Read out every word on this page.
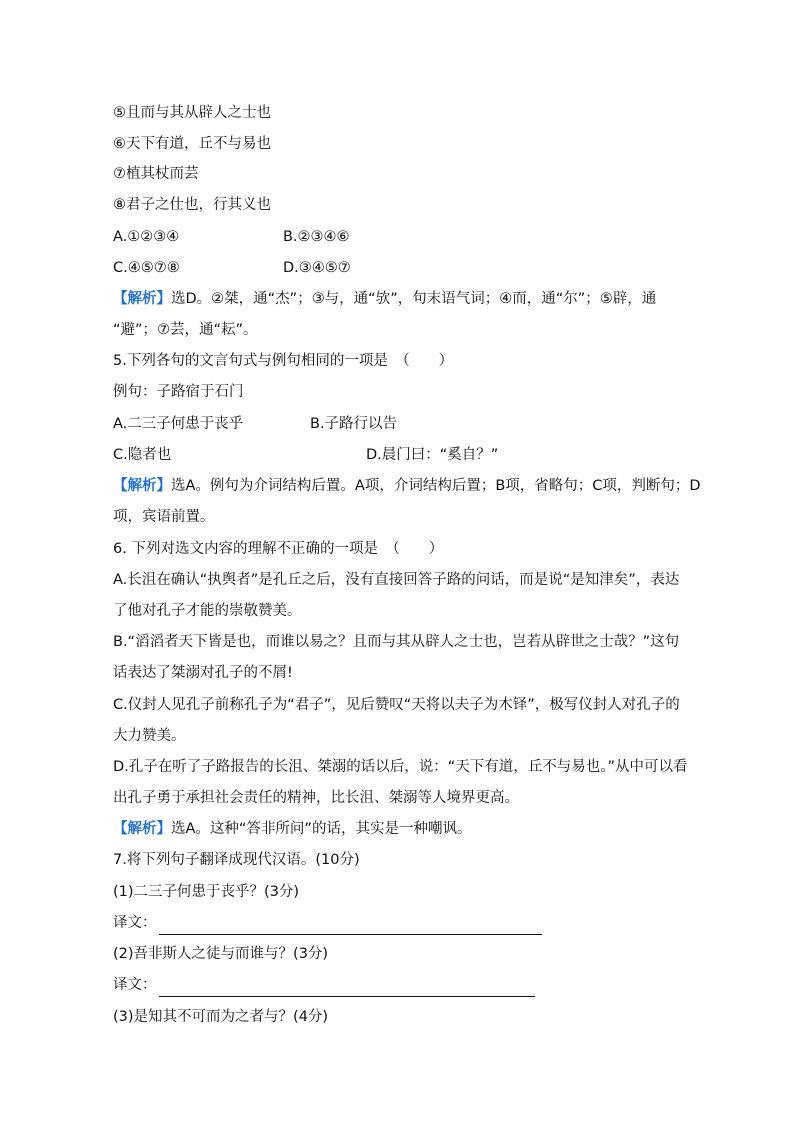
⑤且而与其从辟人之士也
⑥天下有道，丘不与易也
⑦植其杖而芸
⑧君子之仕也，行其义也
A.①②③④	B.②③④⑥
C.④⑤⑦⑧	D.③④⑤⑦
【解析】选D。②桀，通“杰”；③与，通“欤”，句末语气词；④而，通“尔”；⑤辟，通
“避”；⑦芸，通“耘”。
5.下列各句的文言句式与例句相同的一项是　（　　）
例句：子路宿于石门
A.二三子何患于丧乎	B.子路行以告
C.隐者也	D.晨门曰：“奚自？”
【解析】选A。例句为介词结构后置。A项，介词结构后置；B项，省略句；C项，判断句；D
项，宾语前置。
6. 下列对选文内容的理解不正确的一项是　（　　）
A.长沮在确认“执舆者”是孔丘之后，没有直接回答子路的问话，而是说“是知津矣”，表达
了他对孔子才能的崇敬赞美。
B.“滔滔者天下皆是也，而谁以易之？且而与其从辟人之士也，岂若从辟世之士哉？”这句
话表达了桀溺对孔子的不屑!
C.仪封人见孔子前称孔子为“君子”，见后赞叹“天将以夫子为木铎”，极写仪封人对孔子的
大力赞美。
D.孔子在听了子路报告的长沮、桀溺的话以后，说：“天下有道，丘不与易也。”从中可以看
出孔子勇于承担社会责任的精神，比长沮、桀溺等人境界更高。
【解析】选A。这种“答非所问”的话，其实是一种嘲讽。
7.将下列句子翻译成现代汉语。(10分)
(1)二三子何患于丧乎？(3分)
译文：
(2)吾非斯人之徒与而谁与？(3分)
译文：
(3)是知其不可而为之者与？(4分)
